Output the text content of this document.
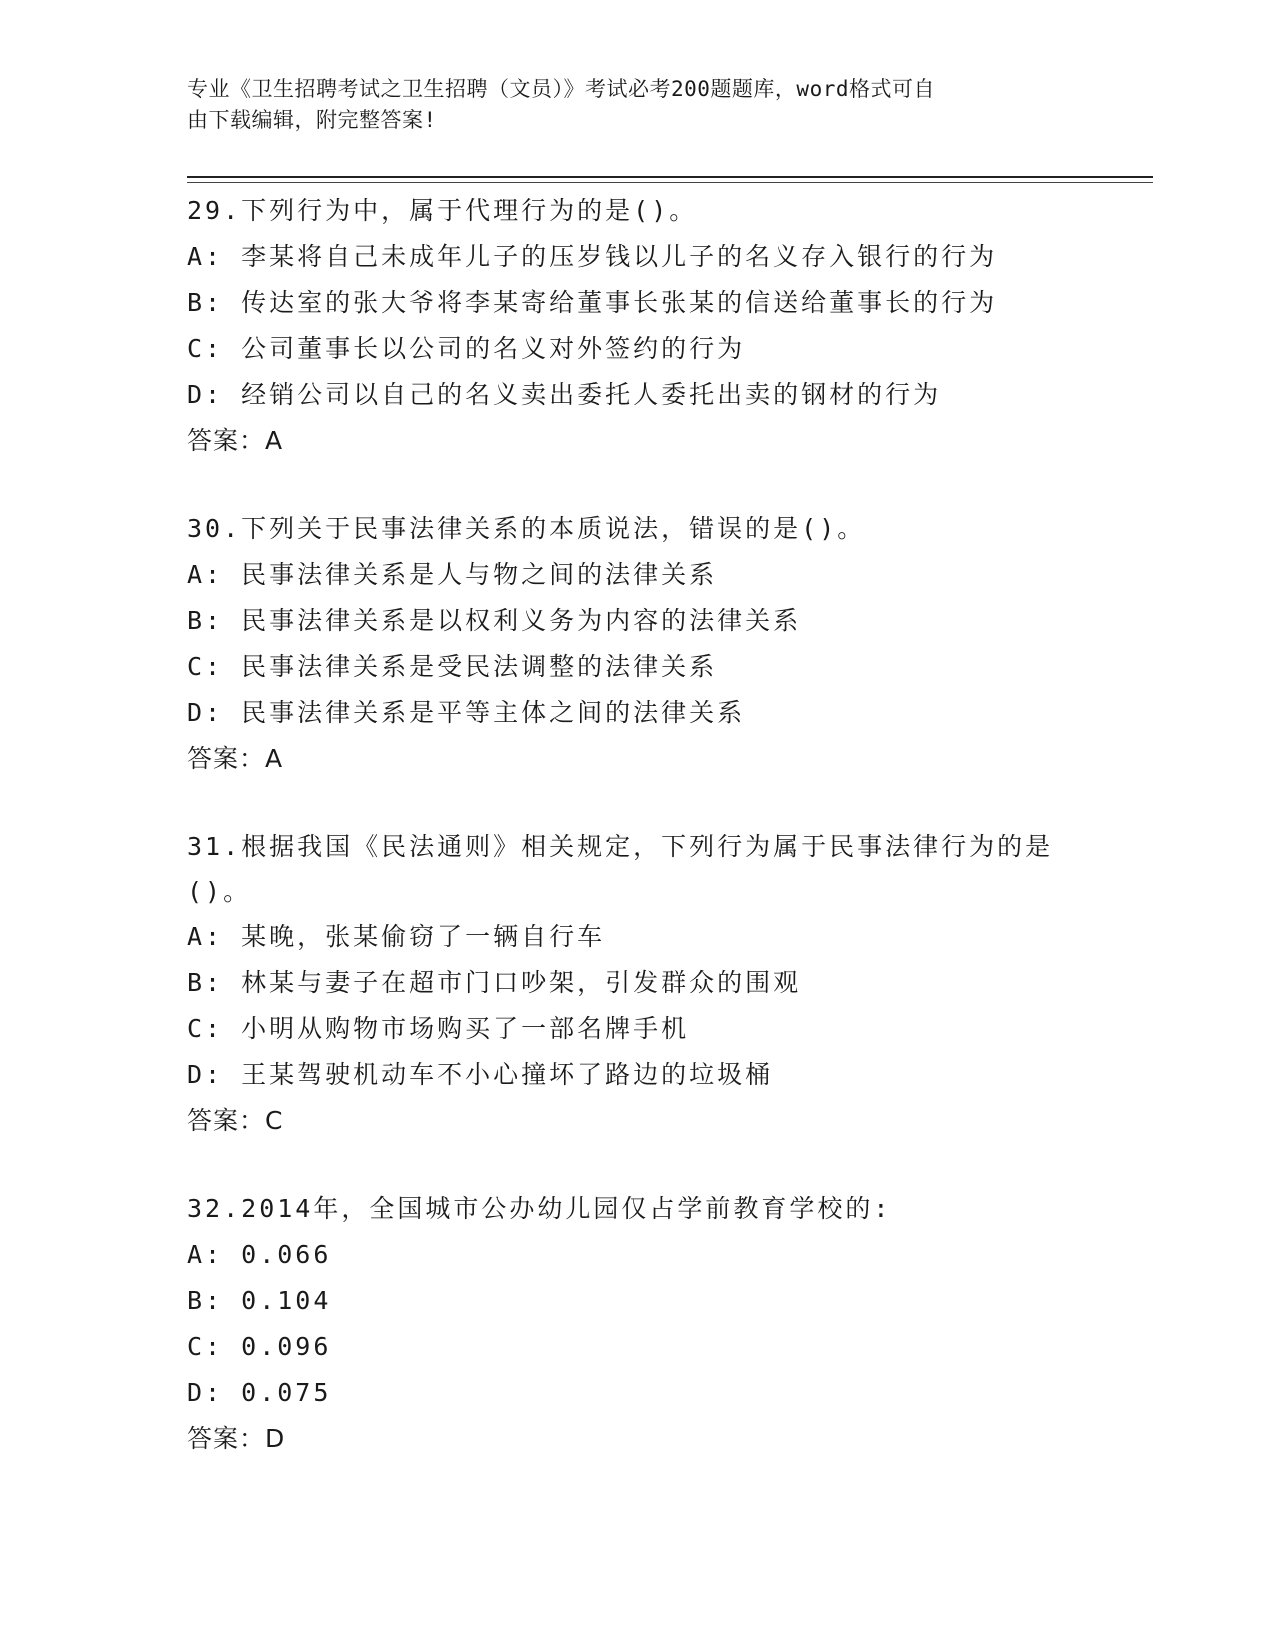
专业《卫生招聘考试之卫生招聘（文员）》考试必考200题题库，word格式可自
由下载编辑，附完整答案!
29.下列行为中，属于代理行为的是()。
A: 李某将自己未成年儿子的压岁钱以儿子的名义存入银行的行为
B: 传达室的张大爷将李某寄给董事长张某的信送给董事长的行为
C: 公司董事长以公司的名义对外签约的行为
D: 经销公司以自己的名义卖出委托人委托出卖的钢材的行为
答案：A
30.下列关于民事法律关系的本质说法，错误的是()。
A: 民事法律关系是人与物之间的法律关系
B: 民事法律关系是以权利义务为内容的法律关系
C: 民事法律关系是受民法调整的法律关系
D: 民事法律关系是平等主体之间的法律关系
答案：A
31.根据我国《民法通则》相关规定，下列行为属于民事法律行为的是()。
A: 某晚，张某偷窃了一辆自行车
B: 林某与妻子在超市门口吵架，引发群众的围观
C: 小明从购物市场购买了一部名牌手机
D: 王某驾驶机动车不小心撞坏了路边的垃圾桶
答案：C
32.2014年，全国城市公办幼儿园仅占学前教育学校的:
A: 0.066
B: 0.104
C: 0.096
D: 0.075
答案：D
